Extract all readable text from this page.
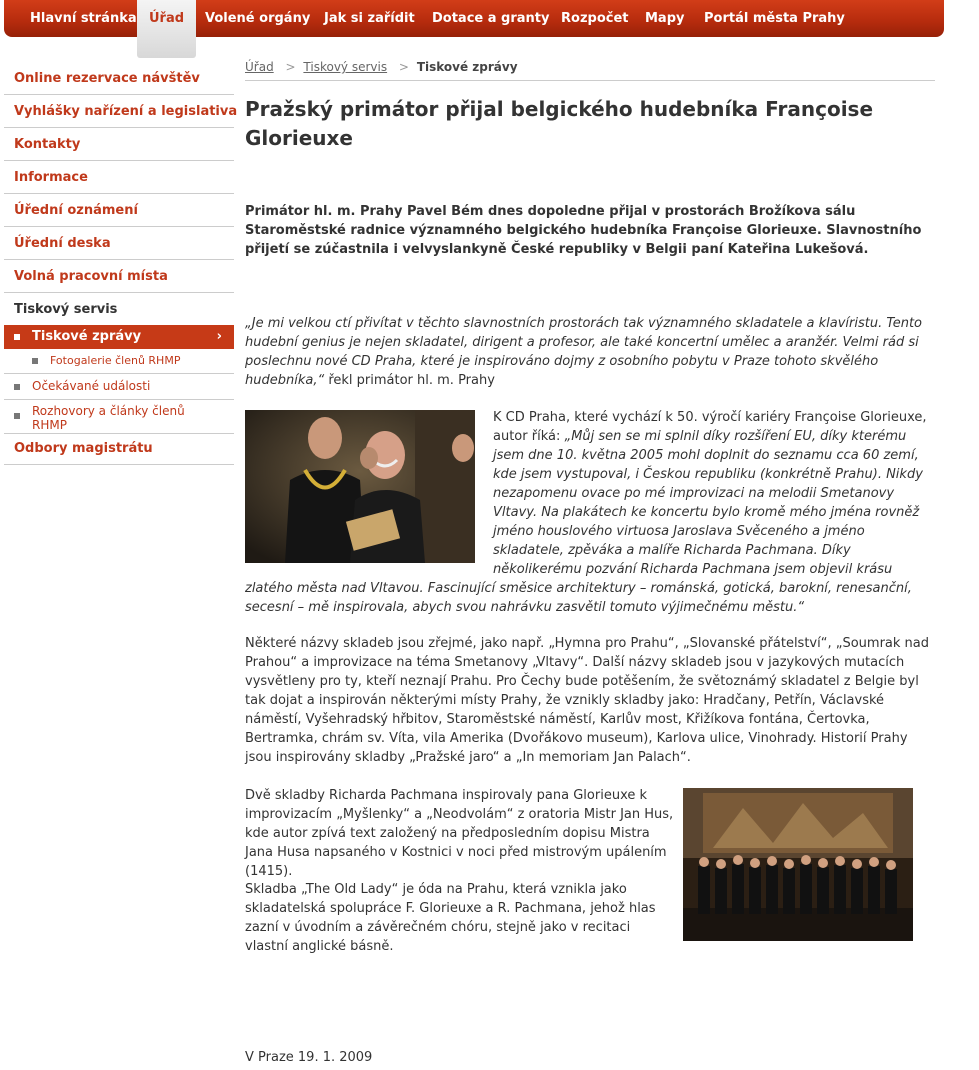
Hlavní stránka Úřad	Volené orgány	Jak si zařídit	Dotace a granty Rozpočet	Mapy	Portál města Prahy
Online rezervace návštěv
Vyhlášky nařízení a legislativa
Kontakty
Informace
Úřední oznámení
Úřední deska
Volná pracovní místa
Tiskový servis
Tiskové zprávy	›
Fotogalerie členů RHMP
Očekávané události
Rozhovory a články členů RHMP
Odbory magistrátu
Úřad > Tiskový servis > Tiskové zprávy
Pražský primátor přijal belgického hudebníka Françoise Glorieuxe

Primátor hl. m. Prahy Pavel Bém dnes dopoledne přijal v prostorách Brožíkova sálu Staroměstské radnice významného belgického hudebníka Françoise Glorieuxe. Slavnostního přijetí se zúčastnila i velvyslankyně České republiky v Belgii paní Kateřina Lukešová.

„Je mi velkou ctí přivítat v těchto slavnostních prostorách tak významného skladatele a klavíristu. Tento hudební genius je nejen skladatel, dirigent a profesor, ale také koncertní umělec a aranžér. Velmi rád si poslechnu nové CD Praha, které je inspirováno dojmy z osobního pobytu v Praze tohoto skvělého hudebníka,“ řekl primátor hl. m. Prahy

K CD Praha, které vychází k 50. výročí kariéry Françoise Glorieuxe, autor říká: „Můj sen se mi splnil díky rozšíření EU, díky kterému jsem dne 10. května 2005 mohl doplnit do seznamu cca 60 zemí, kde jsem vystupoval, i Českou republiku (konkrétně Prahu). Nikdy nezapomenu ovace po mé improvizaci na melodii Smetanovy Vltavy. Na plakátech ke koncertu bylo kromě mého jména rovněž jméno houslového virtuosa Jaroslava Svěceného a jméno skladatele, zpěváka a malíře Richarda Pachmana. Díky několikerému pozvání Richarda Pachmana jsem objevil krásu zlatého města nad Vltavou. Fascinující směsice architektury – románská, gotická, barokní, renesanční, secesní – mě inspirovala, abych svou nahrávku zasvětil tomuto výjimečnému městu.“

Některé názvy skladeb jsou zřejmé, jako např. „Hymna pro Prahu“, „Slovanské přátelství“, „Soumrak nad Prahou“ a improvizace na téma Smetanovy „Vltavy“. Další názvy skladeb jsou v jazykových mutacích vysvětleny pro ty, kteří neznají Prahu. Pro Čechy bude potěšením, že světoznámý skladatel z Belgie byl tak dojat a inspirován některými místy Prahy, že vznikly skladby jako: Hradčany, Petřín, Václavské náměstí, Vyšehradský hřbitov, Staroměstské náměstí, Karlův most, Křižíkova fontána, Čertovka, Bertramka, chrám sv. Víta, vila Amerika (Dvořákovo museum), Karlova ulice, Vinohrady. Historií Prahy jsou inspirovány skladby „Pražské jaro“ a „In memoriam Jan Palach“.

Dvě skladby Richarda Pachmana inspirovaly pana Glorieuxe k improvizacím „Myšlenky“ a „Neodvolám“ z oratoria Mistr Jan Hus, kde autor zpívá text založený na předposledním dopisu Mistra Jana Husa napsaného v Kostnici v noci před mistrovým upálením (1415).

Skladba „The Old Lady“ je óda na Prahu, která vznikla jako skladatelská spolupráce F. Glorieuxe a R. Pachmana, jehož hlas zazní v úvodním a závěrečném chóru, stejně jako v recitaci vlastní anglické básně.

V Praze 19. 1. 2009
